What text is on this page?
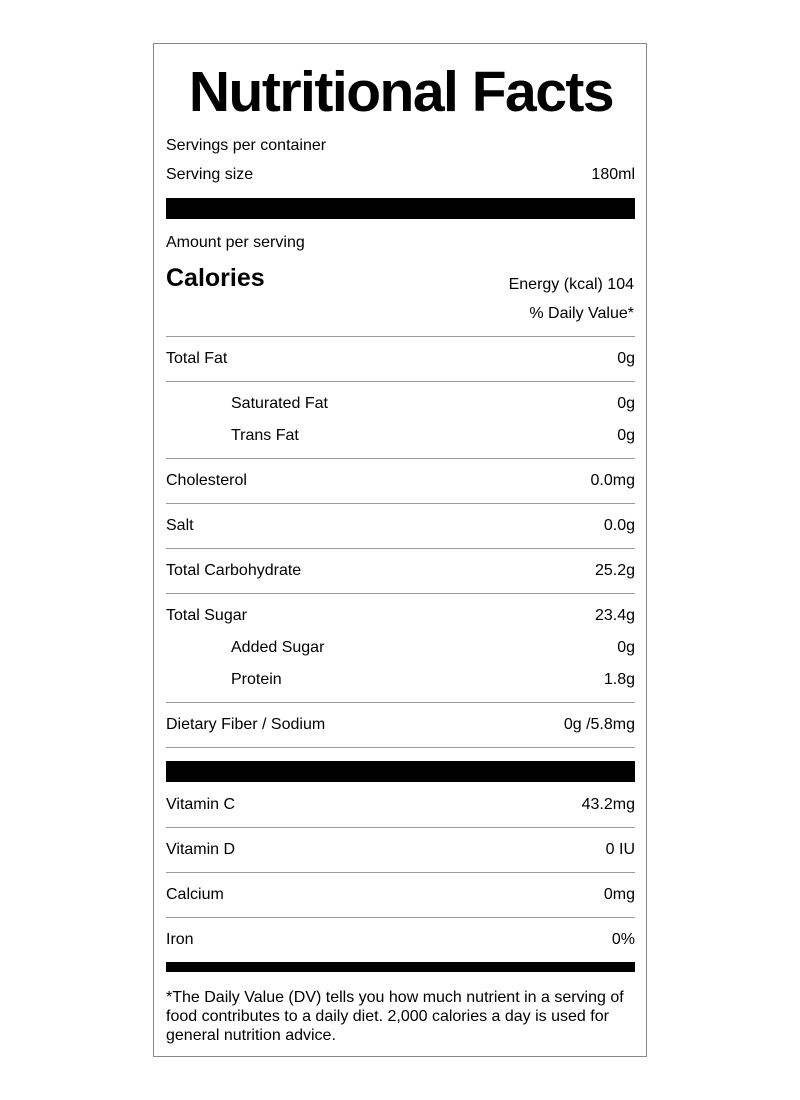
Nutritional Facts
Servings per container
Serving size	180ml
Amount per serving
Calories	Energy (kcal) 104
% Daily Value*
Total Fat	0g
Saturated Fat	0g
Trans Fat	0g
Cholesterol	0.0mg
Salt	0.0g
Total Carbohydrate	25.2g
Total Sugar	23.4g
Added Sugar	0g
Protein	1.8g
Dietary Fiber / Sodium	0g /5.8mg
Vitamin C	43.2mg
Vitamin D	0 IU
Calcium	0mg
Iron	0%
*The Daily Value (DV) tells you how much nutrient in a serving of food contributes to a daily diet. 2,000 calories a day is used for general nutrition advice.
